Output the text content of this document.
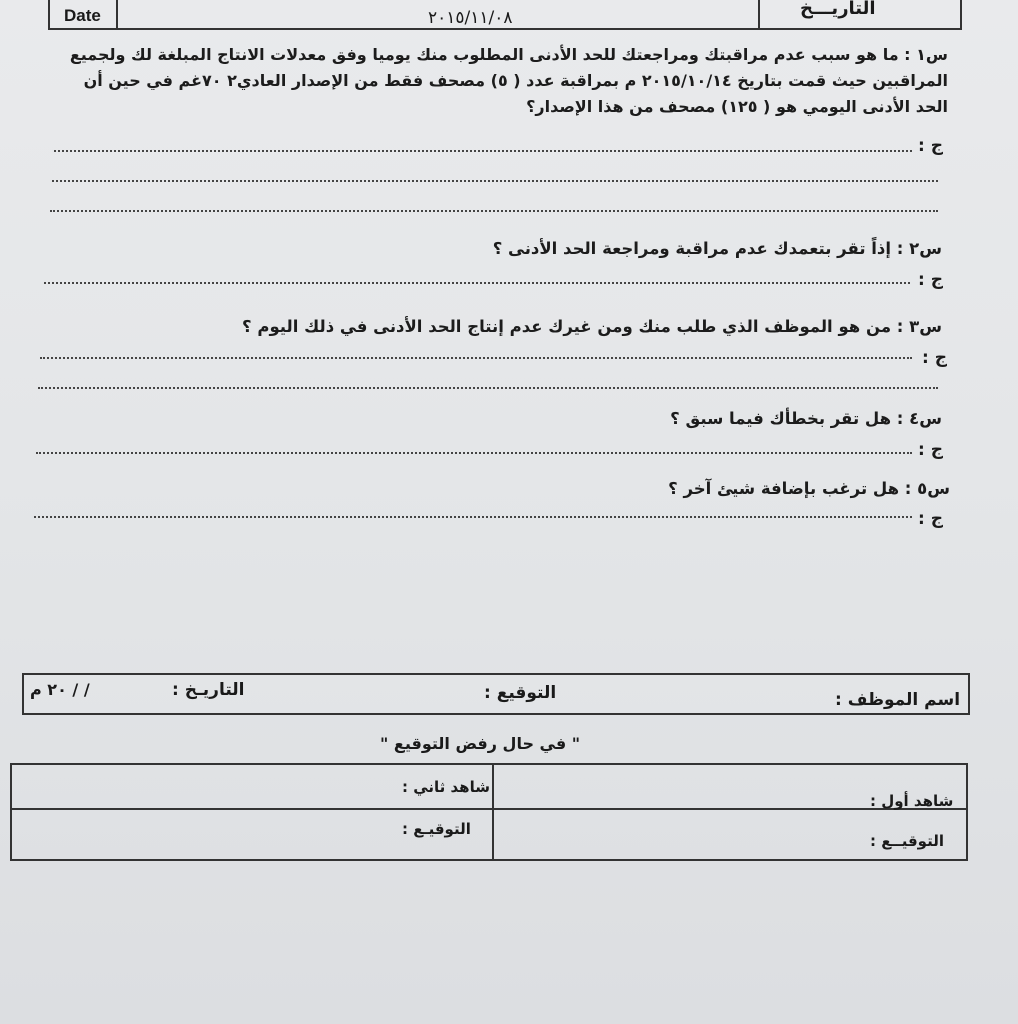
Date	٢٠١٥/١١/٠٨	التاريـــخ
س١ : ما هو سبب عدم مراقبتك ومراجعتك للحد الأدنى المطلوب منك يوميا وفق معدلات الانتاج المبلغة لك ولجميع
المراقبين حيث قمت بتاريخ ٢٠١٥/١٠/١٤ م بمراقبة عدد ( ٥) مصحف فقط من الإصدار العادي٢ ٧٠غم في حين أن
الحد الأدنى اليومي هو ( ١٢٥) مصحف من هذا الإصدار؟
ج :
س٢ : إذاً تقر بتعمدك عدم مراقبة ومراجعة الحد الأدنى ؟
ج :
س٣ : من هو الموظف الذي طلب منك ومن غيرك عدم إنتاج الحد الأدنى في ذلك اليوم ؟
ج :
س٤ : هل تقر بخطأك فيما سبق ؟
ج :
س٥ : هل ترغب بإضافة شيئ آخر ؟
ج :
اسم الموظف :
التوقيع :
التاريـخ :
/ / ٢٠ م
" في حال رفض التوقيع "
شاهد أول :
شاهد ثاني :
التوقيــع :
التوقيـع :
